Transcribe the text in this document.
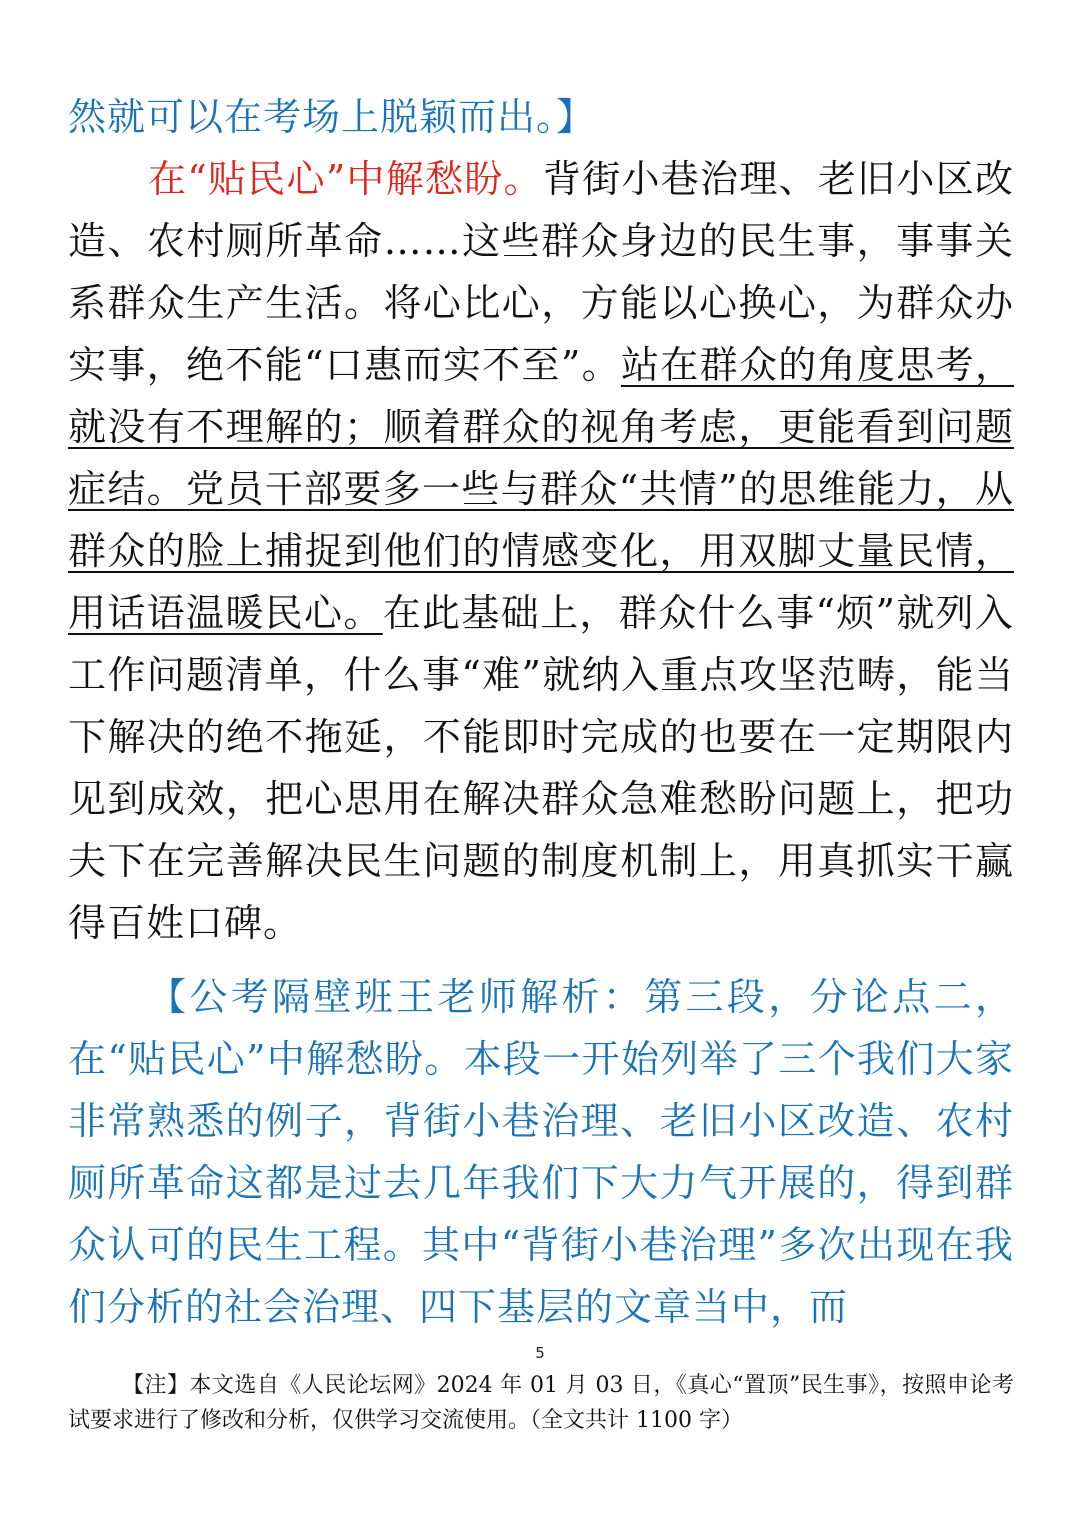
然就可以在考场上脱颖而出。】

在“贴民心”中解愁盼。背街小巷治理、老旧小区改造、农村厕所革命……这些群众身边的民生事，事事关系群众生产生活。将心比心，方能以心换心，为群众办实事，绝不能“口惠而实不至”。站在群众的角度思考，就没有不理解的；顺着群众的视角考虑，更能看到问题症结。党员干部要多一些与群众“共情”的思维能力，从群众的脸上捕捉到他们的情感变化，用双脚丈量民情，用话语温暖民心。在此基础上，群众什么事“烦”就列入工作问题清单，什么事“难”就纳入重点攻坚范畴，能当下解决的绝不拖延，不能即时完成的也要在一定期限内见到成效，把心思用在解决群众急难愁盼问题上，把功夫下在完善解决民生问题的制度机制上，用真抓实干赢得百姓口碑。

【公考隔壁班王老师解析：第三段，分论点二，在“贴民心”中解愁盼。本段一开始列举了三个我们大家非常熟悉的例子，背街小巷治理、老旧小区改造、农村厕所革命这都是过去几年我们下大力气开展的，得到群众认可的民生工程。其中“背街小巷治理”多次出现在我们分析的社会治理、四下基层的文章当中，而

5
【注】本文选自《人民论坛网》2024 年 01 月 03 日，《真心“置顶”民生事》，按照申论考试要求进行了修改和分析，仅供学习交流使用。（全文共计 1100 字）
